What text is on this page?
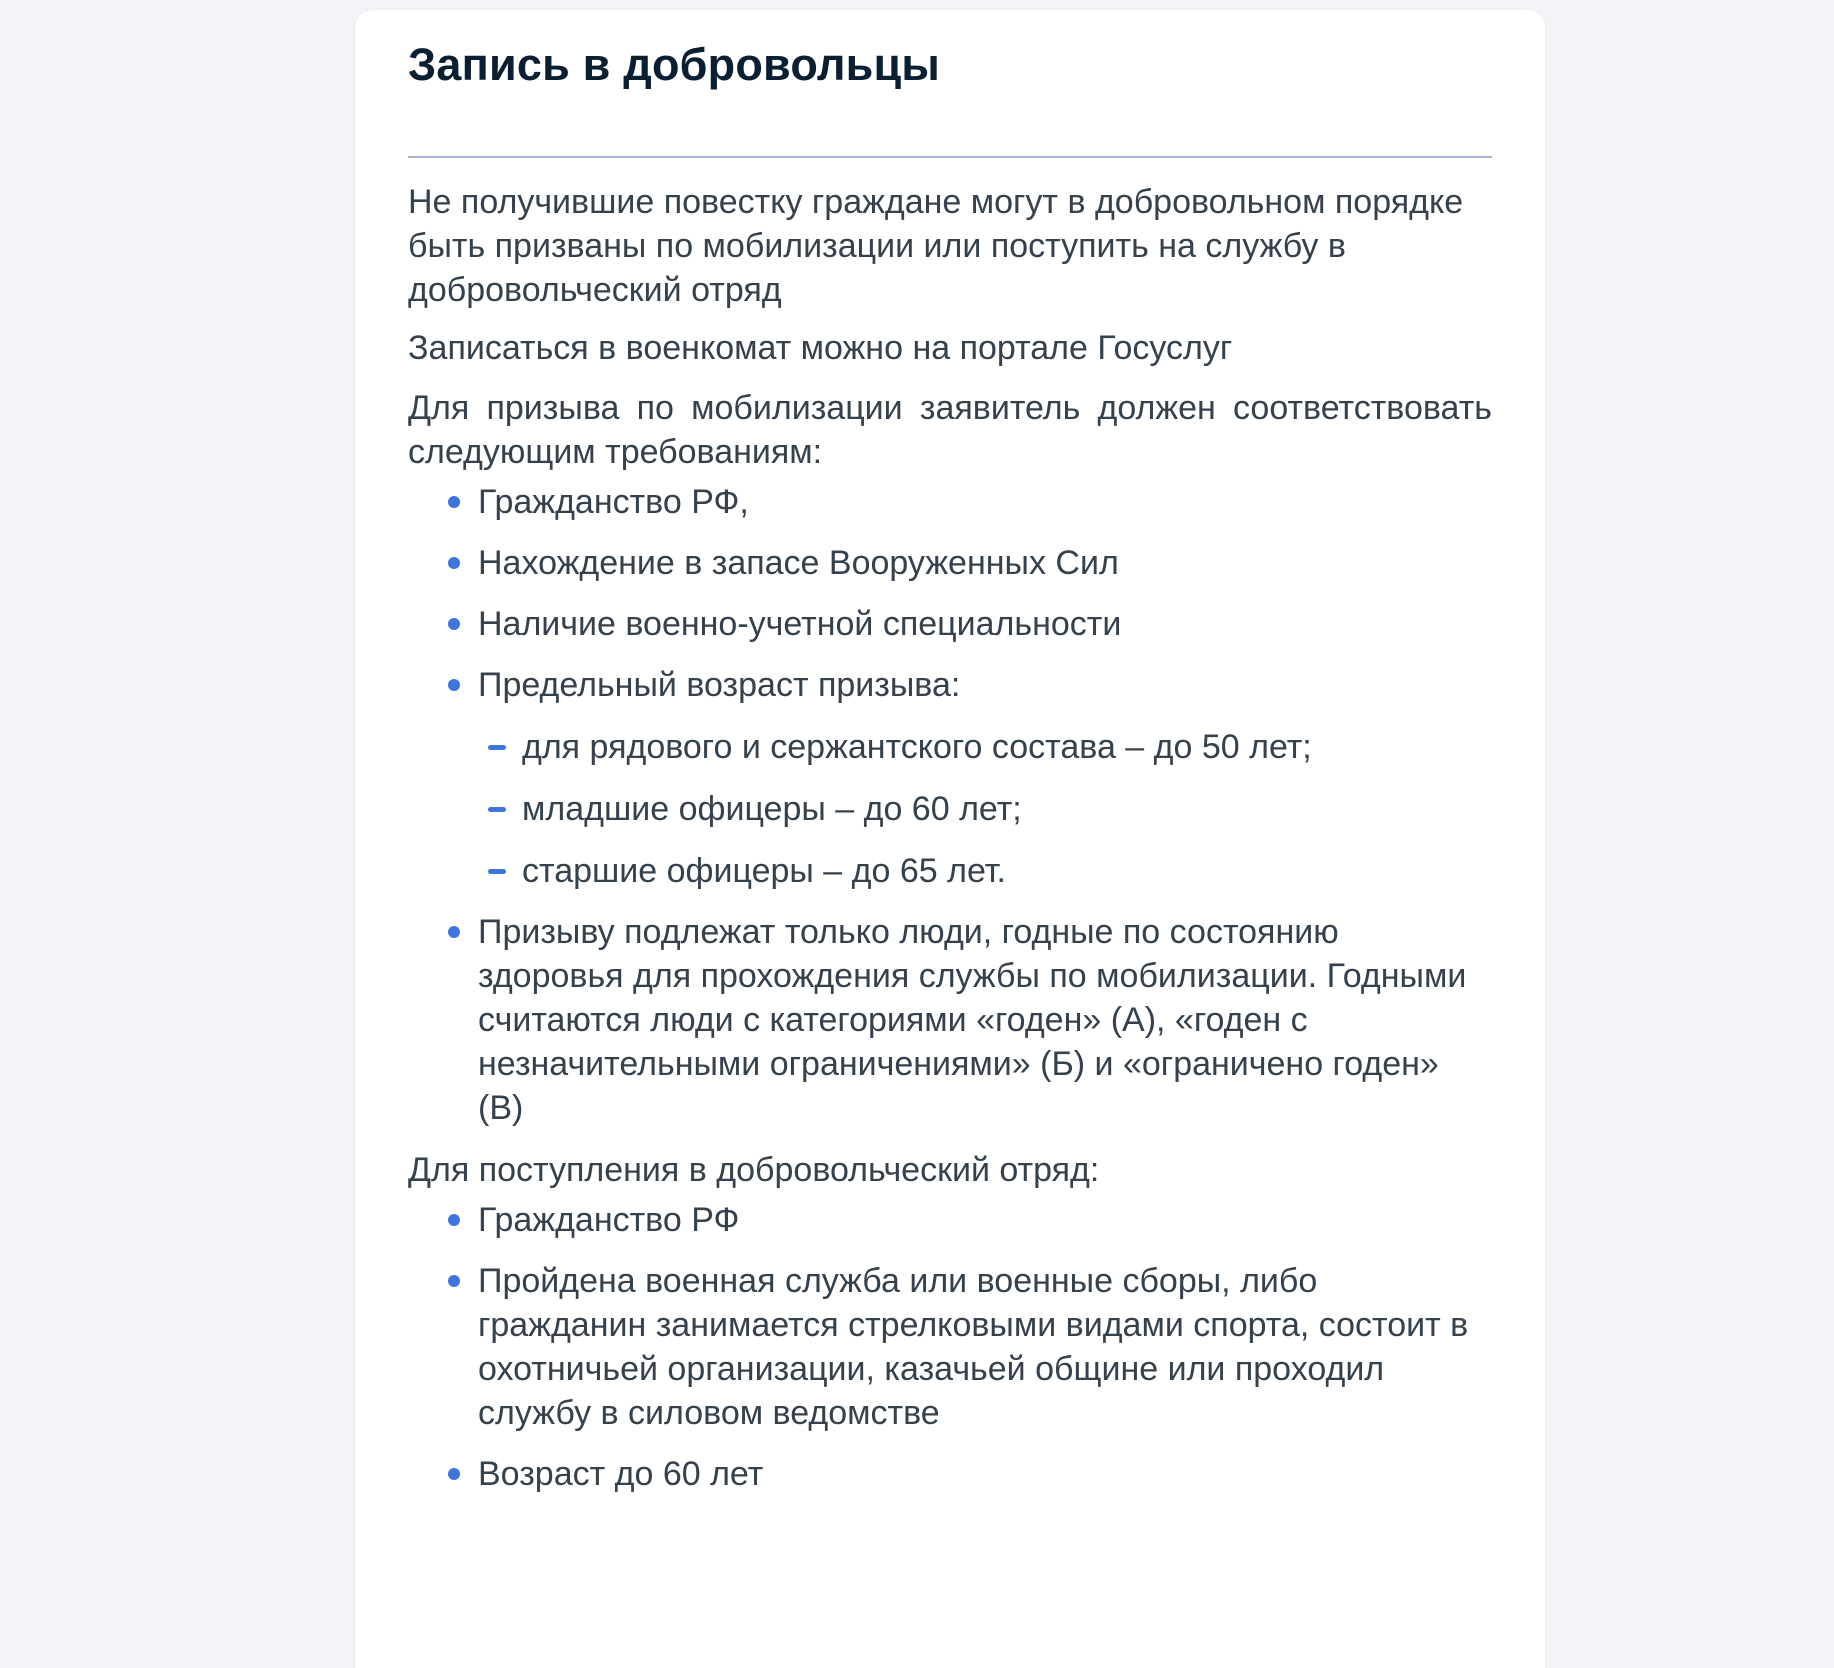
Запись в добровольцы

Не получившие повестку граждане могут в добровольном порядке быть призваны по мобилизации или поступить на службу в добровольческий отряд

Записаться в военкомат можно на портале Госуслуг

Для призыва по мобилизации заявитель должен соответствовать следующим требованиям:

Гражданство РФ,
Нахождение в запасе Вооруженных Сил
Наличие военно-учетной специальности
Предельный возраст призыва:
для рядового и сержантского состава – до 50 лет;
младшие офицеры – до 60 лет;
старшие офицеры – до 65 лет.
Призыву подлежат только люди, годные по состоянию здоровья для прохождения службы по мобилизации. Годными считаются люди с категориями «годен» (А), «годен с незначительными ограничениями» (Б) и «ограничено годен» (В)

Для поступления в добровольческий отряд:

Гражданство РФ
Пройдена военная служба или военные сборы, либо гражданин занимается стрелковыми видами спорта, состоит в охотничьей организации, казачьей общине или проходил службу в силовом ведомстве
Возраст до 60 лет
